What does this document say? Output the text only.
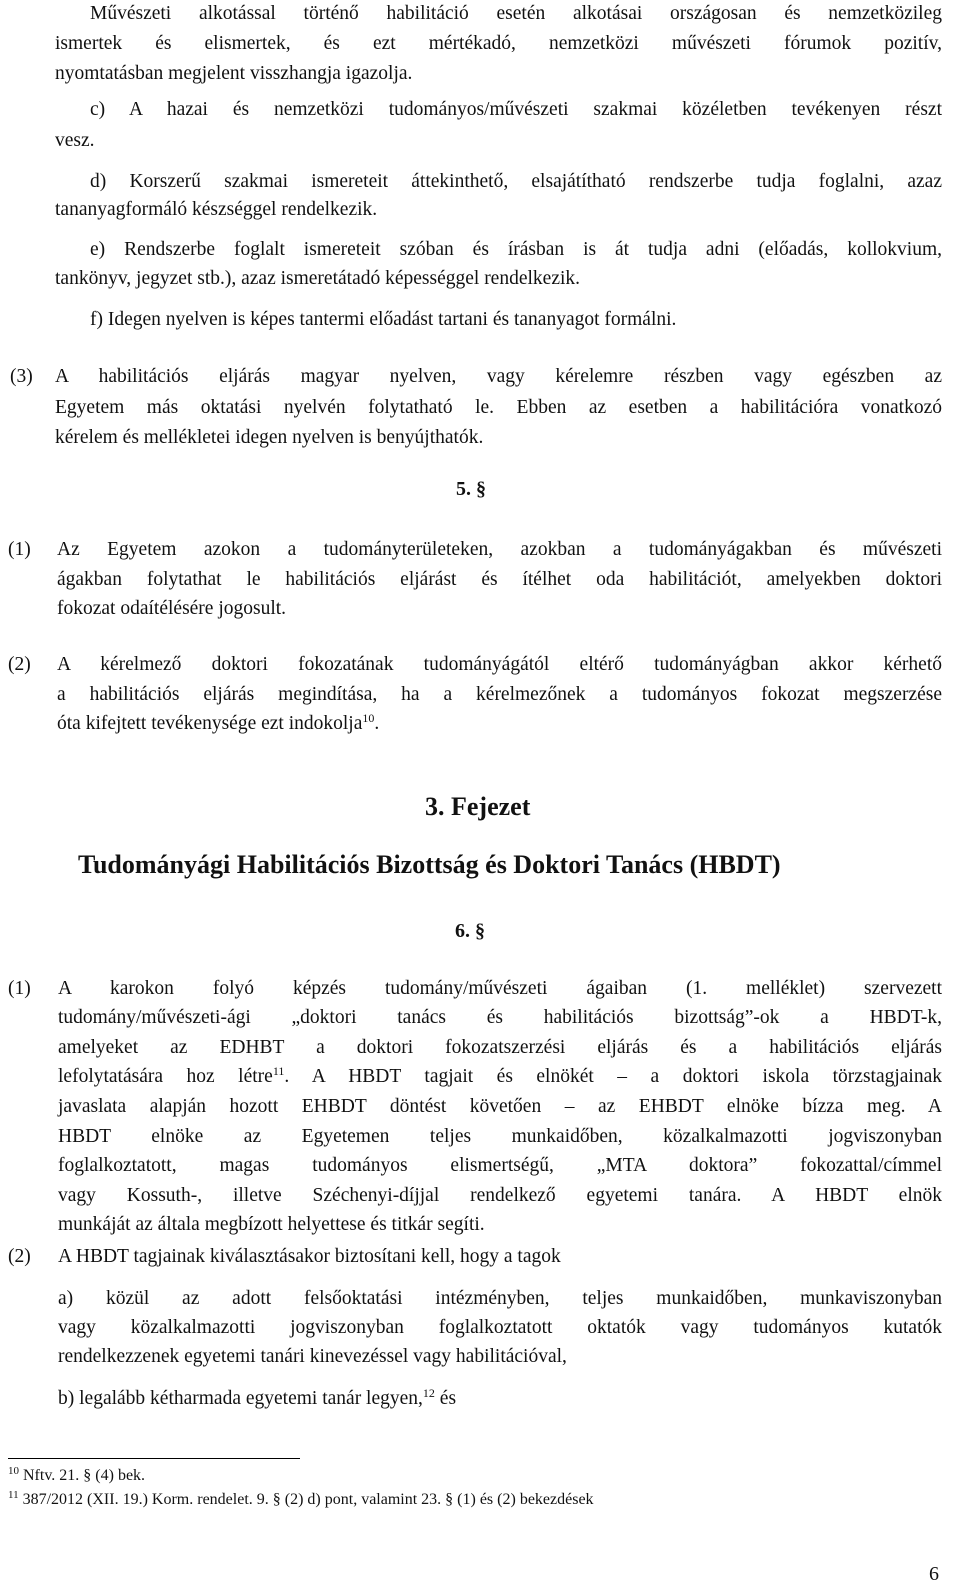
Művészeti alkotással történő habilitáció esetén alkotásai országosan és nemzetközileg
ismertek és elismertek, és ezt mértékadó, nemzetközi művészeti fórumok pozitív,
nyomtatásban megjelent visszhangja igazolja.
c) A hazai és nemzetközi tudományos/művészeti szakmai közéletben tevékenyen részt
vesz.
d) Korszerű szakmai ismereteit áttekinthető, elsajátítható rendszerbe tudja foglalni, azaz
tananyagformáló készséggel rendelkezik.
e) Rendszerbe foglalt ismereteit szóban és írásban is át tudja adni (előadás, kollokvium,
tankönyv, jegyzet stb.), azaz ismeretátadó képességgel rendelkezik.
f) Idegen nyelven is képes tantermi előadást tartani és tananyagot formálni.
(3) A habilitációs eljárás magyar nyelven, vagy kérelemre részben vagy egészben az
Egyetem más oktatási nyelvén folytatható le. Ebben az esetben a habilitációra vonatkozó
kérelem és mellékletei idegen nyelven is benyújthatók.
5. §
(1) Az Egyetem azokon a tudományterületeken, azokban a tudományágakban és művészeti
ágakban folytathat le habilitációs eljárást és ítélhet oda habilitációt, amelyekben doktori
fokozat odaítélésére jogosult.
(2) A kérelmező doktori fokozatának tudományágától eltérő tudományágban akkor kérhető
a habilitációs eljárás megindítása, ha a kérelmezőnek a tudományos fokozat megszerzése
óta kifejtett tevékenysége ezt indokolja$^{10}$.
3. Fejezet
Tudományági Habilitációs Bizottság és Doktori Tanács (HBDT)
6. §
(1) A karokon folyó képzés tudomány/művészeti ágaiban (1. melléklet) szervezett
tudomány/művészeti-ági „doktori tanács és habilitációs bizottság”-ok a HBDT-k,
amelyeket az EDHBT a doktori fokozatszerzési eljárás és a habilitációs eljárás
lefolytatására hoz létre$^{11}$. A HBDT tagjait és elnökét – a doktori iskola törzstagjainak
javaslata alapján hozott EHBDT döntést követően – az EHBDT elnöke bízza meg. A
HBDT elnöke az Egyetemen teljes munkaidőben, közalkalmazotti jogviszonyban
foglalkoztatott, magas tudományos elismertségű, „MTA doktora” fokozattal/címmel
vagy Kossuth-, illetve Széchenyi-díjjal rendelkező egyetemi tanára. A HBDT elnök
munkáját az általa megbízott helyettese és titkár segíti.
(2) A HBDT tagjainak kiválasztásakor biztosítani kell, hogy a tagok
a) közül az adott felsőoktatási intézményben, teljes munkaidőben, munkaviszonyban
vagy közalkalmazotti jogviszonyban foglalkoztatott oktatók vagy tudományos kutatók
rendelkezzenek egyetemi tanári kinevezéssel vagy habilitációval,
b) legalább kétharmada egyetemi tanár legyen,$^{12}$ és
$^{10}$ Nftv. 21. § (4) bek.
$^{11}$ 387/2012 (XII. 19.) Korm. rendelet. 9. § (2) d) pont, valamint 23. § (1) és (2) bekezdések
6
